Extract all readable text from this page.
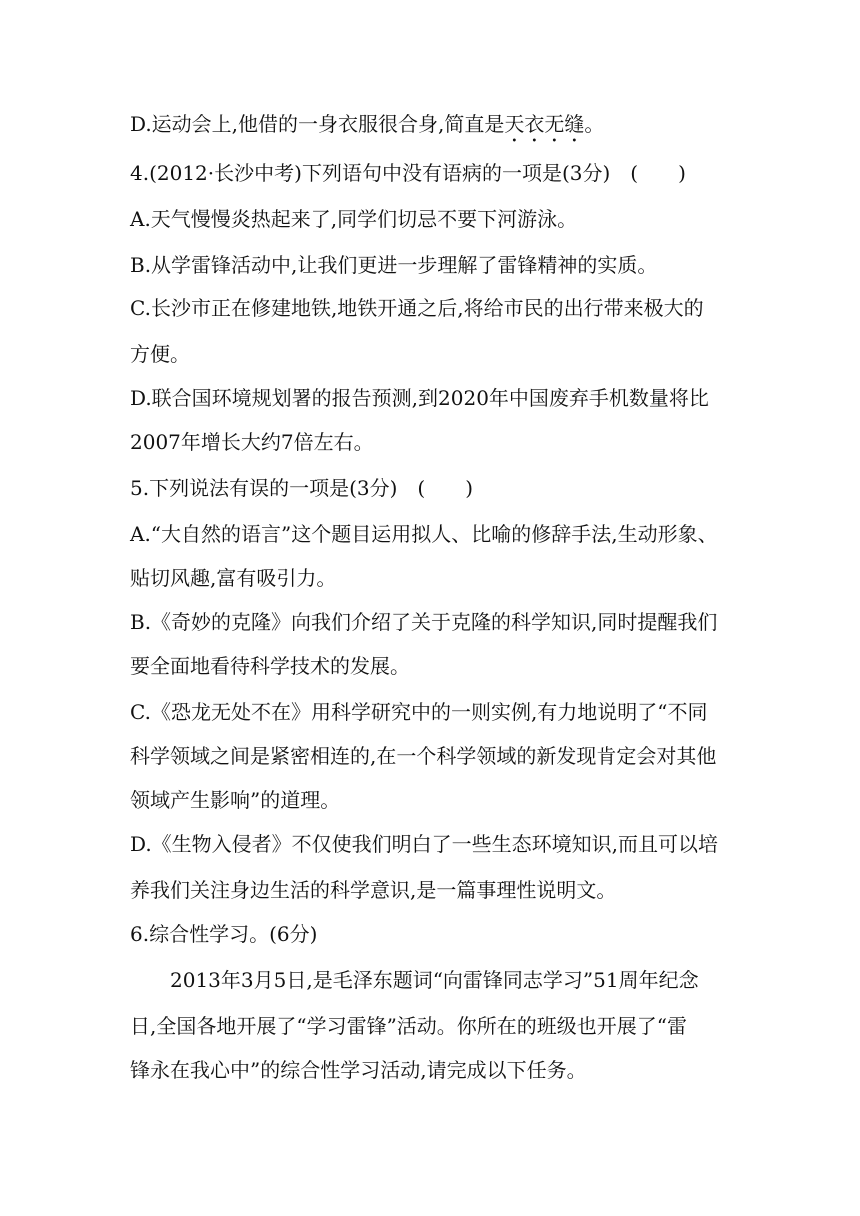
D.运动会上,他借的一身衣服很合身,简直是天衣无缝。
4.(2012·长沙中考)下列语句中没有语病的一项是(3分)　(　　)
A.天气慢慢炎热起来了,同学们切忌不要下河游泳。
B.从学雷锋活动中,让我们更进一步理解了雷锋精神的实质。
C.长沙市正在修建地铁,地铁开通之后,将给市民的出行带来极大的
方便。
D.联合国环境规划署的报告预测,到2020年中国废弃手机数量将比
2007年增长大约7倍左右。
5.下列说法有误的一项是(3分)　(　　)
A.“大自然的语言”这个题目运用拟人、比喻的修辞手法,生动形象、
贴切风趣,富有吸引力。
B.《奇妙的克隆》向我们介绍了关于克隆的科学知识,同时提醒我们
要全面地看待科学技术的发展。
C.《恐龙无处不在》用科学研究中的一则实例,有力地说明了“不同
科学领域之间是紧密相连的,在一个科学领域的新发现肯定会对其他
领域产生影响”的道理。
D.《生物入侵者》不仅使我们明白了一些生态环境知识,而且可以培
养我们关注身边生活的科学意识,是一篇事理性说明文。
6.综合性学习。(6分)
2013年3月5日,是毛泽东题词“向雷锋同志学习”51周年纪念
日,全国各地开展了“学习雷锋”活动。你所在的班级也开展了“雷
锋永在我心中”的综合性学习活动,请完成以下任务。
